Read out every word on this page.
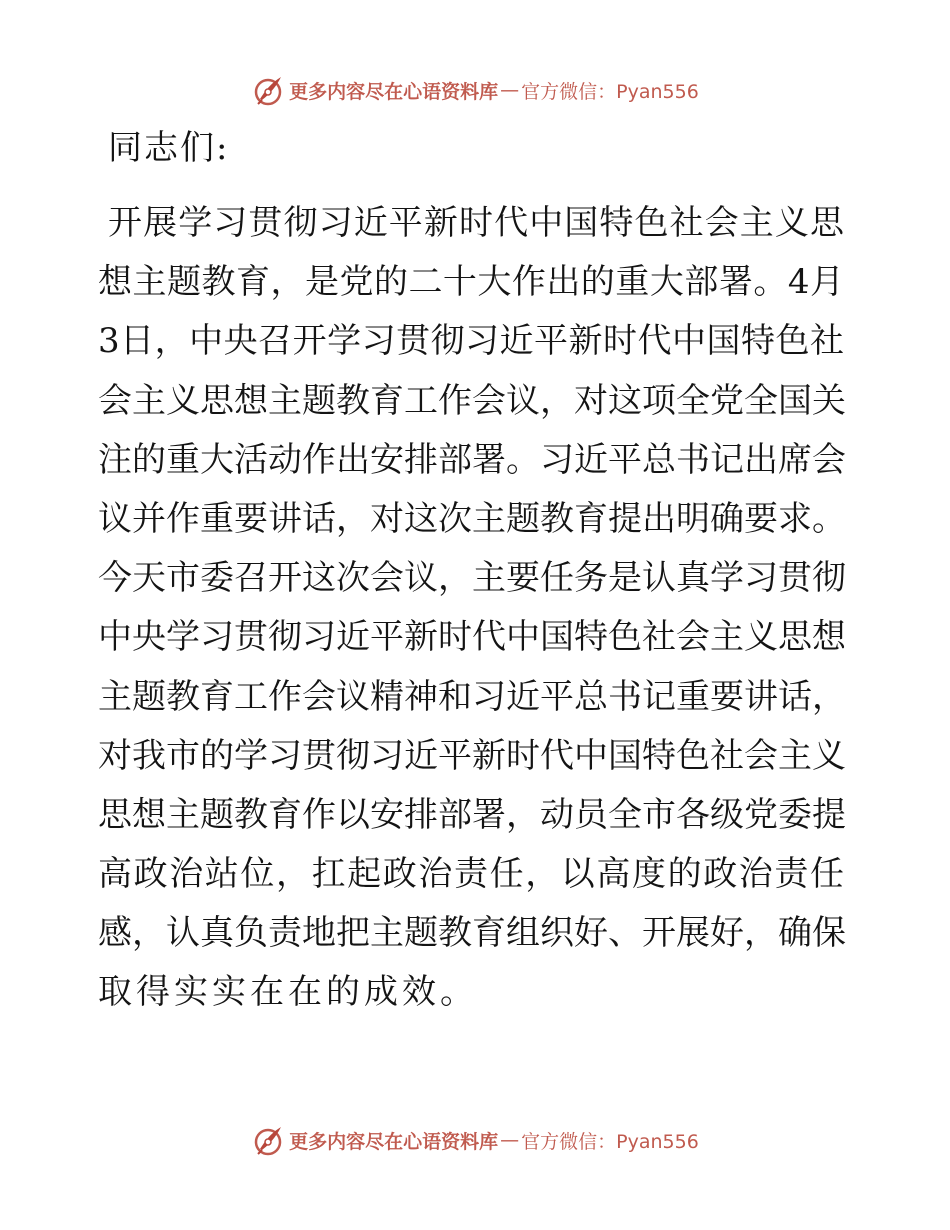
更多内容尽在心语资料库 — 官方微信：Pyan556
同志们:
开展学习贯彻习近平新时代中国特色社会主义思
想主题教育，是党的二十大作出的重大部署。4月
3日，中央召开学习贯彻习近平新时代中国特色社
会主义思想主题教育工作会议，对这项全党全国关
注的重大活动作出安排部署。习近平总书记出席会
议并作重要讲话，对这次主题教育提出明确要求。
今天市委召开这次会议，主要任务是认真学习贯彻
中央学习贯彻习近平新时代中国特色社会主义思想
主题教育工作会议精神和习近平总书记重要讲话，
对我市的学习贯彻习近平新时代中国特色社会主义
思想主题教育作以安排部署，动员全市各级党委提
高政治站位，扛起政治责任，以高度的政治责任
感，认真负责地把主题教育组织好、开展好，确保
取得实实在在的成效。
更多内容尽在心语资料库 — 官方微信：Pyan556
